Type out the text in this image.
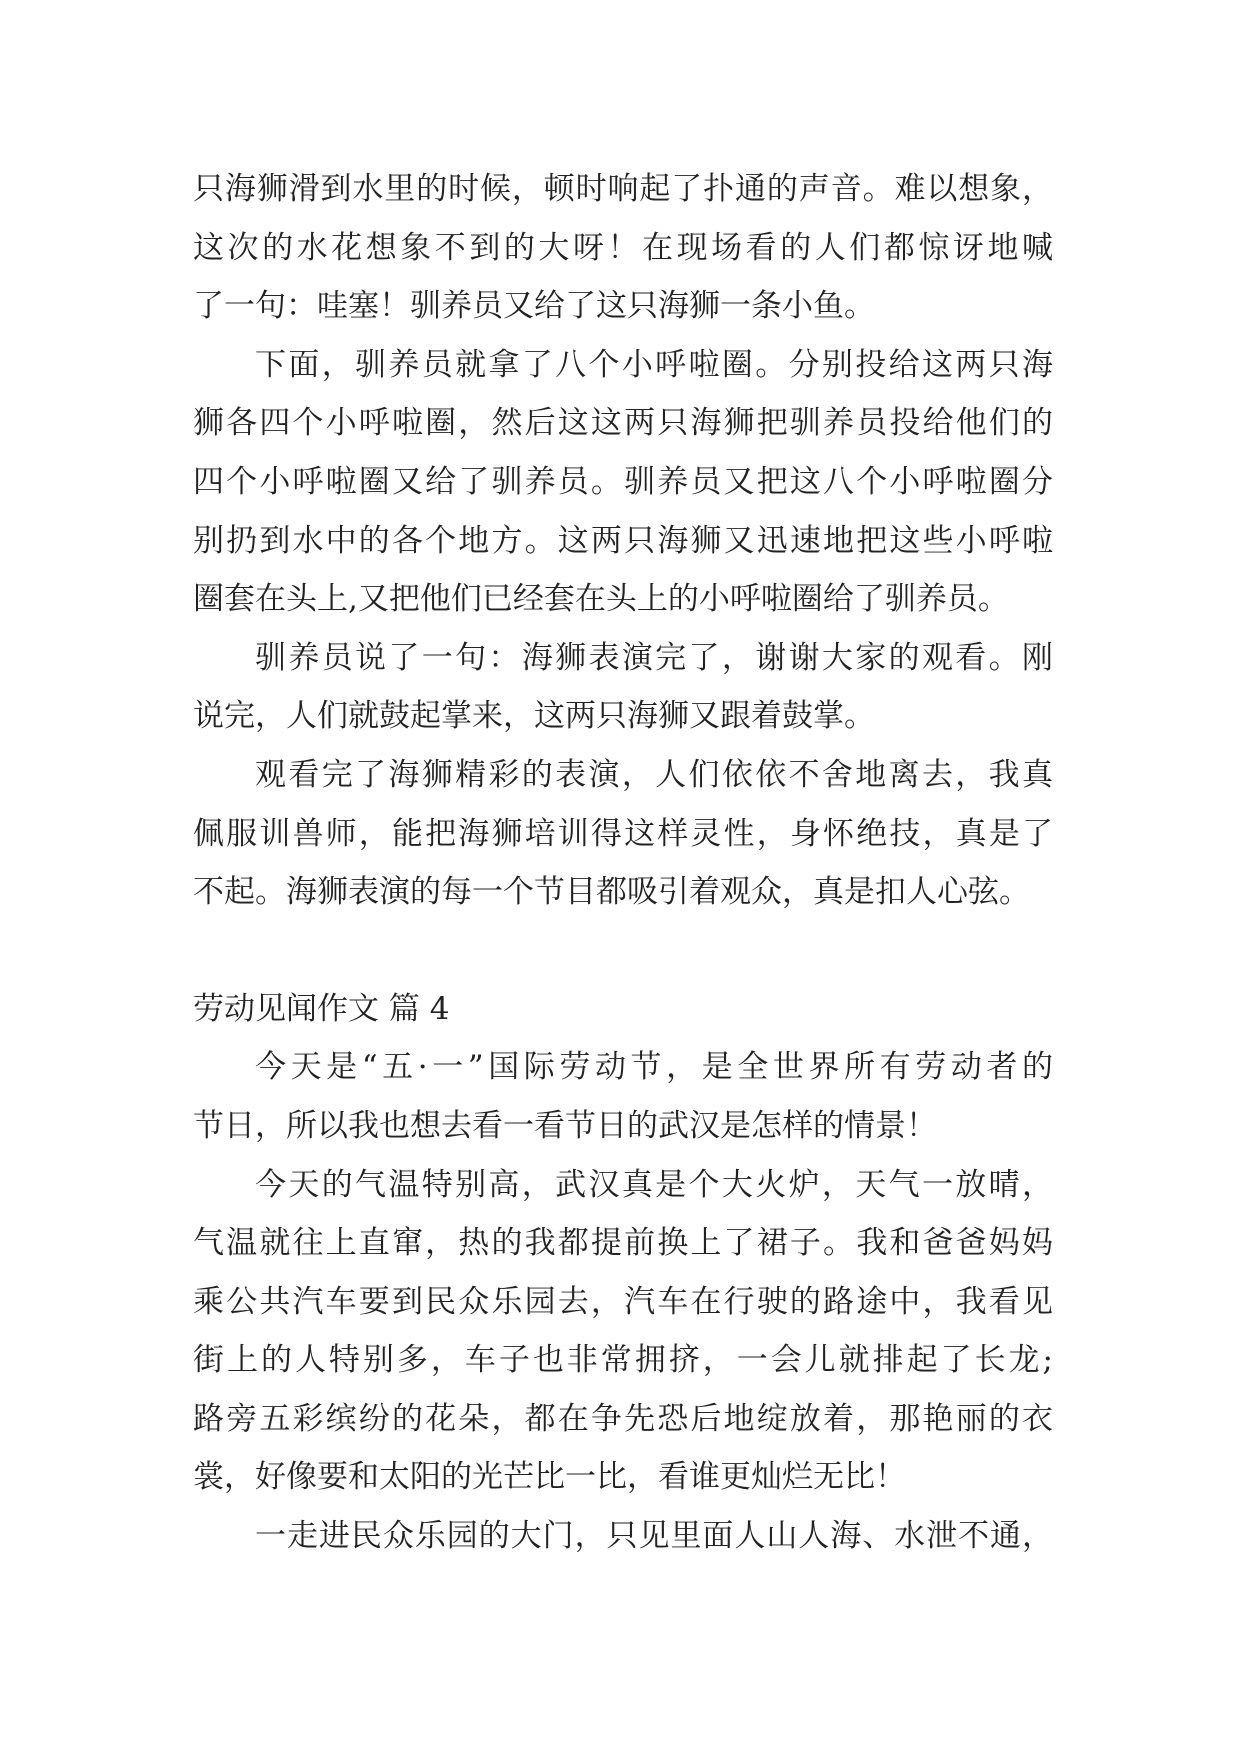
只海狮滑到水里的时候，顿时响起了扑通的声音。难以想象，
这次的水花想象不到的大呀！在现场看的人们都惊讶地喊
了一句：哇塞！驯养员又给了这只海狮一条小鱼。

下面，驯养员就拿了八个小呼啦圈。分别投给这两只海
狮各四个小呼啦圈，然后这这两只海狮把驯养员投给他们的
四个小呼啦圈又给了驯养员。驯养员又把这八个小呼啦圈分
别扔到水中的各个地方。这两只海狮又迅速地把这些小呼啦
圈套在头上,又把他们已经套在头上的小呼啦圈给了驯养员。

驯养员说了一句：海狮表演完了，谢谢大家的观看。刚
说完，人们就鼓起掌来，这两只海狮又跟着鼓掌。

观看完了海狮精彩的表演，人们依依不舍地离去，我真
佩服训兽师，能把海狮培训得这样灵性，身怀绝技，真是了
不起。海狮表演的每一个节目都吸引着观众，真是扣人心弦。

劳动见闻作文 篇 4

今天是“五·一”国际劳动节，是全世界所有劳动者的
节日，所以我也想去看一看节日的武汉是怎样的情景！

今天的气温特别高，武汉真是个大火炉，天气一放晴，
气温就往上直窜，热的我都提前换上了裙子。我和爸爸妈妈
乘公共汽车要到民众乐园去，汽车在行驶的路途中，我看见
街上的人特别多，车子也非常拥挤，一会儿就排起了长龙;
路旁五彩缤纷的花朵，都在争先恐后地绽放着，那艳丽的衣
裳，好像要和太阳的光芒比一比，看谁更灿烂无比！

一走进民众乐园的大门，只见里面人山人海、水泄不通，
